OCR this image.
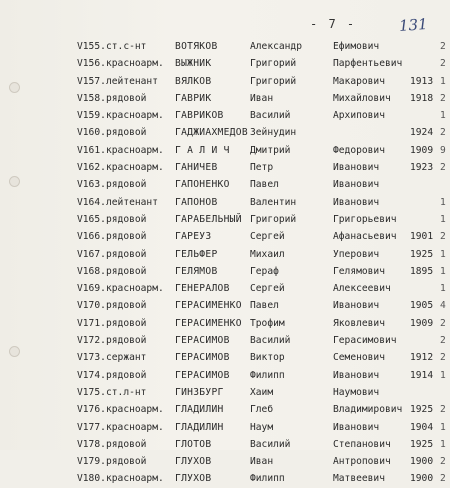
- 7 -	131
V155. ст.с-нт	ВОТЯКОВ	Александр	Ефимович	2
V156. красноарм. ВЫЖНИК	Григорий	Парфентьевич	2
V157. лейтенант ВЯЛКОВ	Григорий	Макарович	1913 1
V158. рядовой	ГАВРИК	Иван	Михайлович 1918 2
V159. красноарм. ГАВРИКОВ	Василий	Архипович	1
V160. рядовой	ГАДЖИАХМЕДОВ Зейнудин	1924 2
V161. красноарм. Г А Л И Ч Дмитрий	Федорович	1909 9
V162. красноарм. ГАНИЧЕВ	Петр	Иванович	1923 2
V163. рядовой	ГАПОНЕНКО Павел	Иванович
V164. лейтенант ГАПОНОВ	Валентин	Иванович	1
V165. рядовой	ГАРАБЕЛЬНЫЙ Григорий	Григорьевич	1
V166. рядовой	ГАРЕУЗ	Сергей	Афанасьевич 1901 2
V167. рядовой	ГЕЛЬФЕР	Михаил	Уперович	1925 1
V168. рядовой	ГЕЛЯМОВ	Гераф	Гелямович	1895 1
V169. красноарм. ГЕНЕРАЛОВ Сергей	Алексеевич	1
V170. рядовой	ГЕРАСИМЕНКО Павел	Иванович	1905 4
V171. рядовой	ГЕРАСИМЕНКО Трофим	Яковлевич	1909 2
V172. рядовой	ГЕРАСИМОВ Василий	Герасимович	2
V173. сержант	ГЕРАСИМОВ Виктор	Семенович	1912 2
V174. рядовой	ГЕРАСИМОВ Филипп	Иванович	1914 1
V175. ст.л-нт	ГИНЗБУРГ	Хаим	Наумович
V176. красноарм. ГЛАДИЛИН	Глеб	Владимирович 1925 2
V177. красноарм. ГЛАДИЛИН	Наум	Иванович	1904 1
V178. рядовой	ГЛОТОВ	Василий	Степанович 1925 1
V179. рядовой	ГЛУХОВ	Иван	Антропович 1900 2
V180. красноарм. ГЛУХОВ	Филипп	Матвеевич	1900 2
